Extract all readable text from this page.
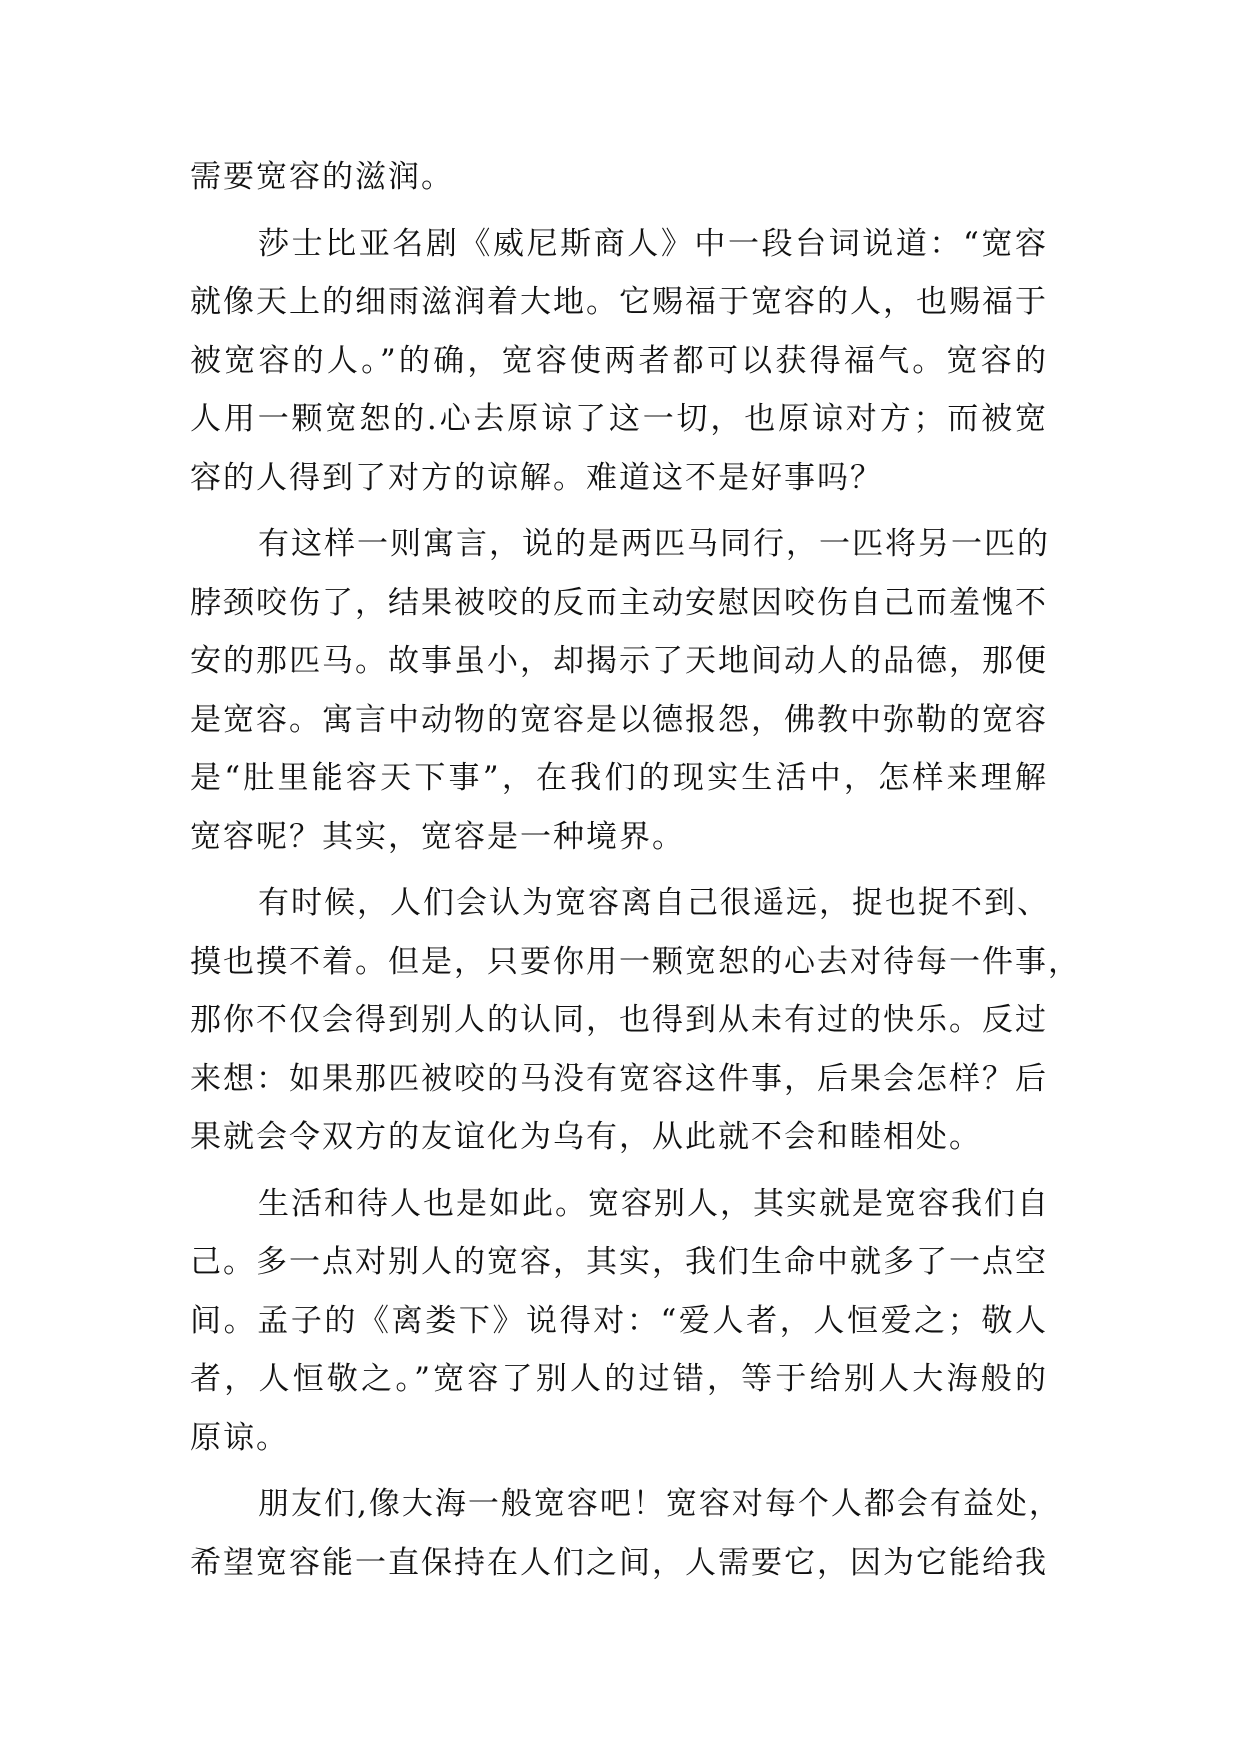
需要宽容的滋润。
莎士比亚名剧《威尼斯商人》中一段台词说道：“宽容
就像天上的细雨滋润着大地。它赐福于宽容的人，也赐福于
被宽容的人。”的确，宽容使两者都可以获得福气。宽容的
人用一颗宽恕的.心去原谅了这一切，也原谅对方；而被宽
容的人得到了对方的谅解。难道这不是好事吗？
有这样一则寓言，说的是两匹马同行，一匹将另一匹的
脖颈咬伤了，结果被咬的反而主动安慰因咬伤自己而羞愧不
安的那匹马。故事虽小，却揭示了天地间动人的品德，那便
是宽容。寓言中动物的宽容是以德报怨，佛教中弥勒的宽容
是“肚里能容天下事”，在我们的现实生活中，怎样来理解
宽容呢？其实，宽容是一种境界。
有时候，人们会认为宽容离自己很遥远，捉也捉不到、
摸也摸不着。但是，只要你用一颗宽恕的心去对待每一件事，
那你不仅会得到别人的认同，也得到从未有过的快乐。反过
来想：如果那匹被咬的马没有宽容这件事，后果会怎样？后
果就会令双方的友谊化为乌有，从此就不会和睦相处。
生活和待人也是如此。宽容别人，其实就是宽容我们自
己。多一点对别人的宽容，其实，我们生命中就多了一点空
间。孟子的《离娄下》说得对：“爱人者，人恒爱之；敬人
者，人恒敬之。”宽容了别人的过错，等于给别人大海般的
原谅。
朋友们,像大海一般宽容吧！宽容对每个人都会有益处，
希望宽容能一直保持在人们之间，人需要它，因为它能给我
